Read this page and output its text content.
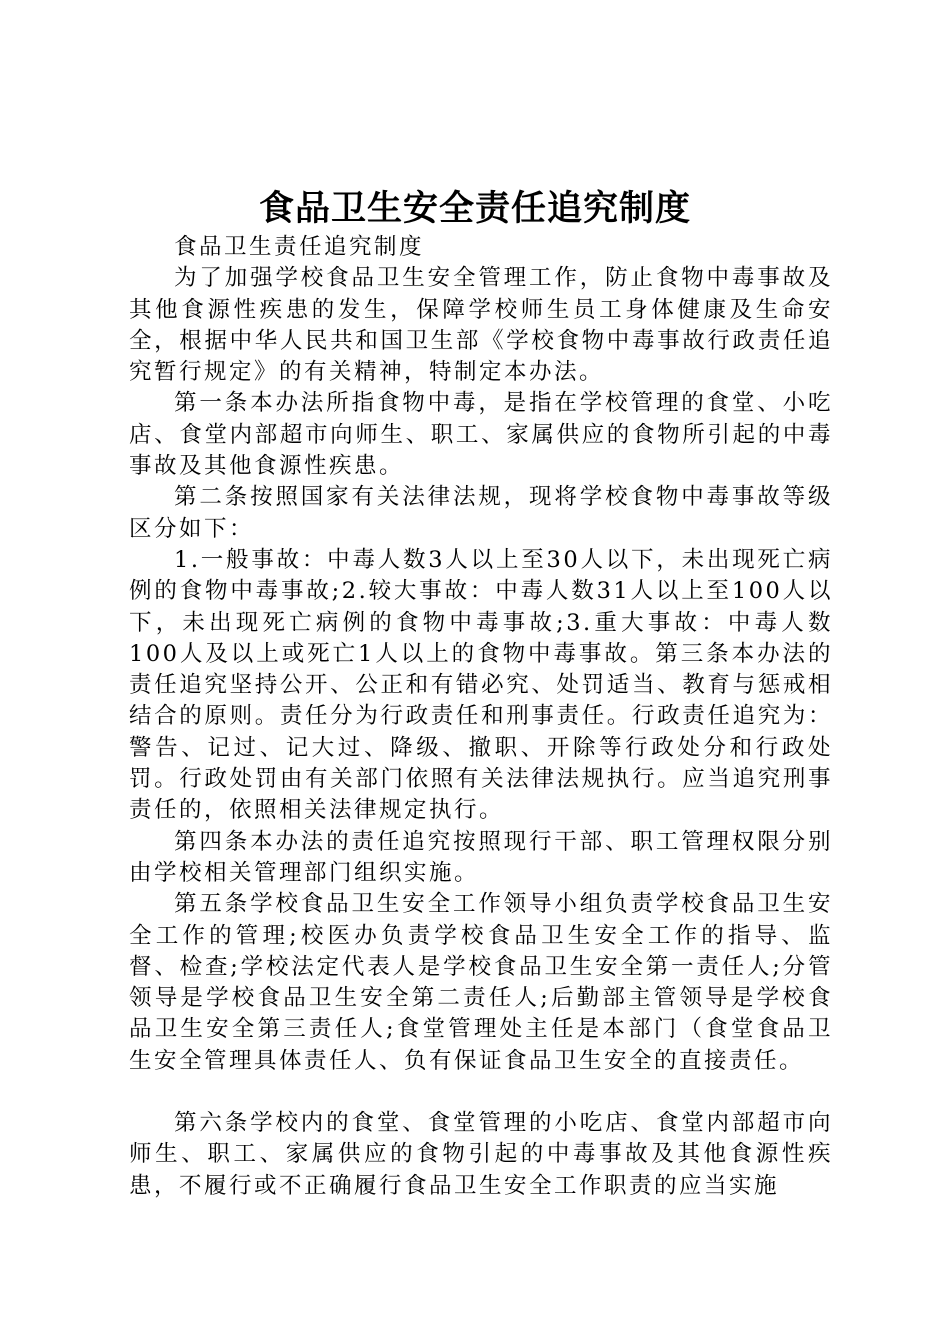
食品卫生安全责任追究制度

食品卫生责任追究制度

为了加强学校食品卫生安全管理工作，防止食物中毒事故及其他食源性疾患的发生，保障学校师生员工身体健康及生命安全，根据中华人民共和国卫生部《学校食物中毒事故行政责任追究暂行规定》的有关精神，特制定本办法。

第一条本办法所指食物中毒，是指在学校管理的食堂、小吃店、食堂内部超市向师生、职工、家属供应的食物所引起的中毒事故及其他食源性疾患。

第二条按照国家有关法律法规，现将学校食物中毒事故等级区分如下：

1.一般事故：中毒人数3人以上至30人以下，未出现死亡病例的食物中毒事故;2.较大事故：中毒人数31人以上至100人以下，未出现死亡病例的食物中毒事故;3.重大事故：中毒人数100人及以上或死亡1人以上的食物中毒事故。第三条本办法的责任追究坚持公开、公正和有错必究、处罚适当、教育与惩戒相结合的原则。责任分为行政责任和刑事责任。行政责任追究为：警告、记过、记大过、降级、撤职、开除等行政处分和行政处罚。行政处罚由有关部门依照有关法律法规执行。应当追究刑事责任的，依照相关法律规定执行。

第四条本办法的责任追究按照现行干部、职工管理权限分别由学校相关管理部门组织实施。

第五条学校食品卫生安全工作领导小组负责学校食品卫生安全工作的管理;校医办负责学校食品卫生安全工作的指导、监督、检查;学校法定代表人是学校食品卫生安全第一责任人;分管领导是学校食品卫生安全第二责任人;后勤部主管领导是学校食品卫生安全第三责任人;食堂管理处主任是本部门（食堂食品卫生安全管理具体责任人、负有保证食品卫生安全的直接责任。

第六条学校内的食堂、食堂管理的小吃店、食堂内部超市向师生、职工、家属供应的食物引起的中毒事故及其他食源性疾患，不履行或不正确履行食品卫生安全工作职责的应当实施
